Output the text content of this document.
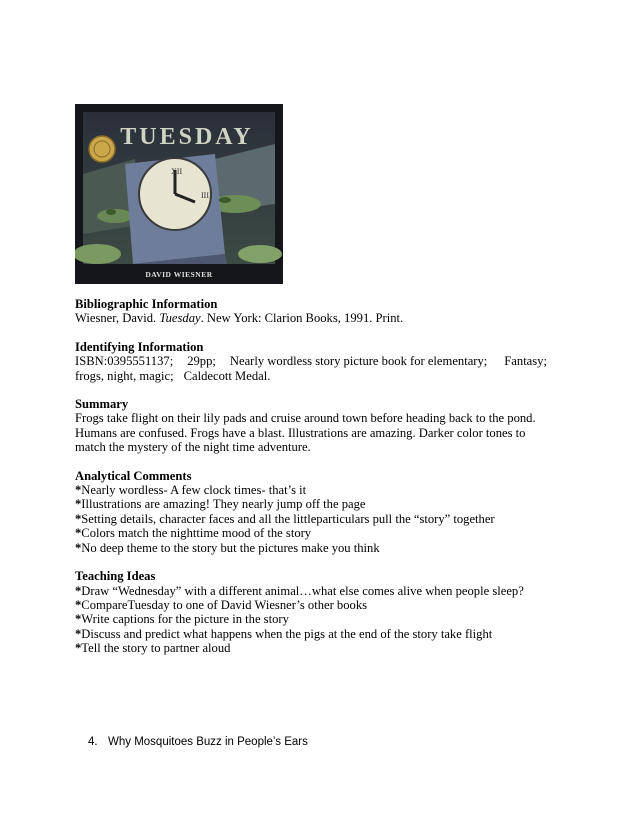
XII
III
TUESDAY
DAVID WIESNER
Bibliographic Information
Wiesner, David. Tuesday. New York: Clarion Books, 1991. Print.
Identifying Information
ISBN:0395551137; 29pp; Nearly wordless story picture book for elementary; Fantasy;
frogs, night, magic; Caldecott Medal.
Summary
Frogs take flight on their lily pads and cruise around town before heading back to the pond.
Humans are confused. Frogs have a blast. Illustrations are amazing. Darker color tones to
match the mystery of the night time adventure.
Analytical Comments
*Nearly wordless- A few clock times- that’s it
*Illustrations are amazing! They nearly jump off the page
*Setting details, character faces and all the littleparticulars pull the “story” together
*Colors match the nighttime mood of the story
*No deep theme to the story but the pictures make you think
Teaching Ideas
*Draw “Wednesday” with a different animal…what else comes alive when people sleep?
*CompareTuesday to one of David Wiesner’s other books
*Write captions for the picture in the story
*Discuss and predict what happens when the pigs at the end of the story take flight
*Tell the story to partner aloud
4. Why Mosquitoes Buzz in People’s Ears
